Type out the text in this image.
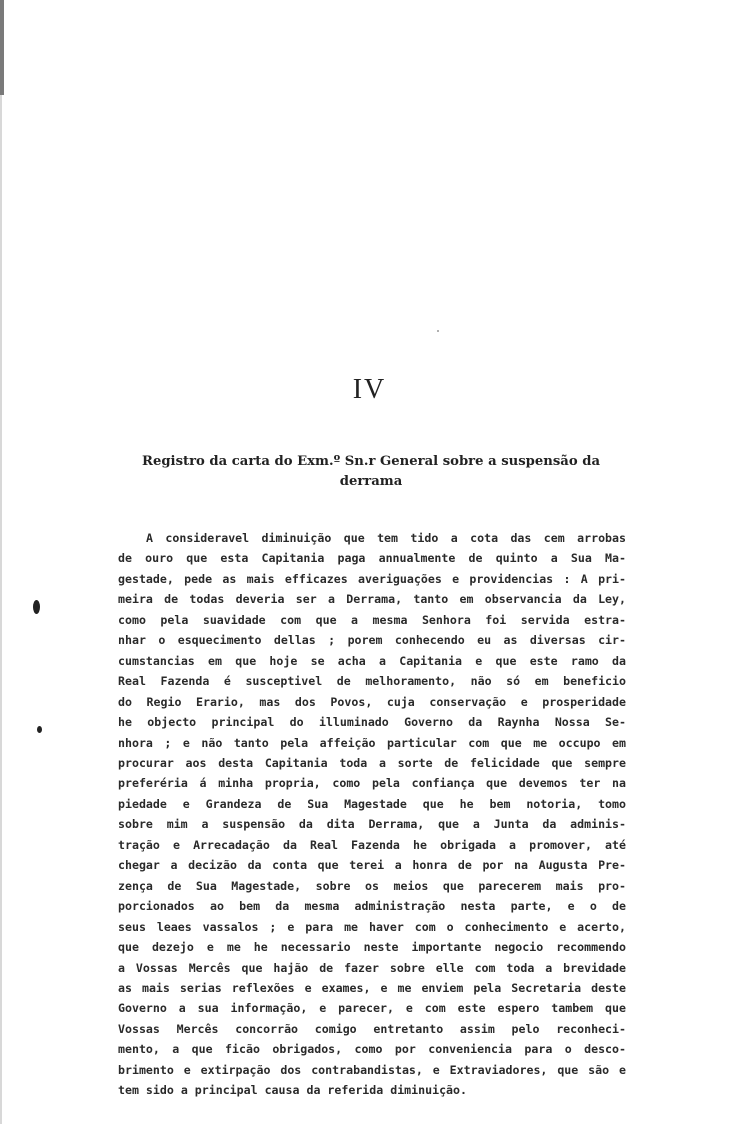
IV
Registro da carta do Exm.º Sn.r General sobre a suspensão da
derrama
A consideravel diminuição que tem tido a cota das cem arrobas
de ouro que esta Capitania paga annualmente de quinto a Sua Ma-
gestade, pede as mais efficazes averiguações e providencias : A pri-
meira de todas deveria ser a Derrama, tanto em observancia da Ley,
como pela suavidade com que a mesma Senhora foi servida estra-
nhar o esquecimento dellas ; porem conhecendo eu as diversas cir-
cumstancias em que hoje se acha a Capitania e que este ramo da
Real Fazenda é susceptivel de melhoramento, não só em beneficio
do Regio Erario, mas dos Povos, cuja conservação e prosperidade
he objecto principal do illuminado Governo da Raynha Nossa Se-
nhora ; e não tanto pela affeição particular com que me occupo em
procurar aos desta Capitania toda a sorte de felicidade que sempre
preferéria á minha propria, como pela confiança que devemos ter na
piedade e Grandeza de Sua Magestade que he bem notoria, tomo
sobre mim a suspensão da dita Derrama, que a Junta da adminis-
tração e Arrecadação da Real Fazenda he obrigada a promover, até
chegar a decizão da conta que terei a honra de por na Augusta Pre-
zença de Sua Magestade, sobre os meios que parecerem mais pro-
porcionados ao bem da mesma administração nesta parte, e o de
seus leaes vassalos ; e para me haver com o conhecimento e acerto,
que dezejo e me he necessario neste importante negocio recommendo
a Vossas Mercês que hajão de fazer sobre elle com toda a brevidade
as mais serias reflexões e exames, e me enviem pela Secretaria deste
Governo a sua informação, e parecer, e com este espero tambem que
Vossas Mercês concorrão comigo entretanto assim pelo reconheci-
mento, a que ficão obrigados, como por conveniencia para o desco-
brimento e extirpação dos contrabandistas, e Extraviadores, que são e
tem sido a principal causa da referida diminuição.
